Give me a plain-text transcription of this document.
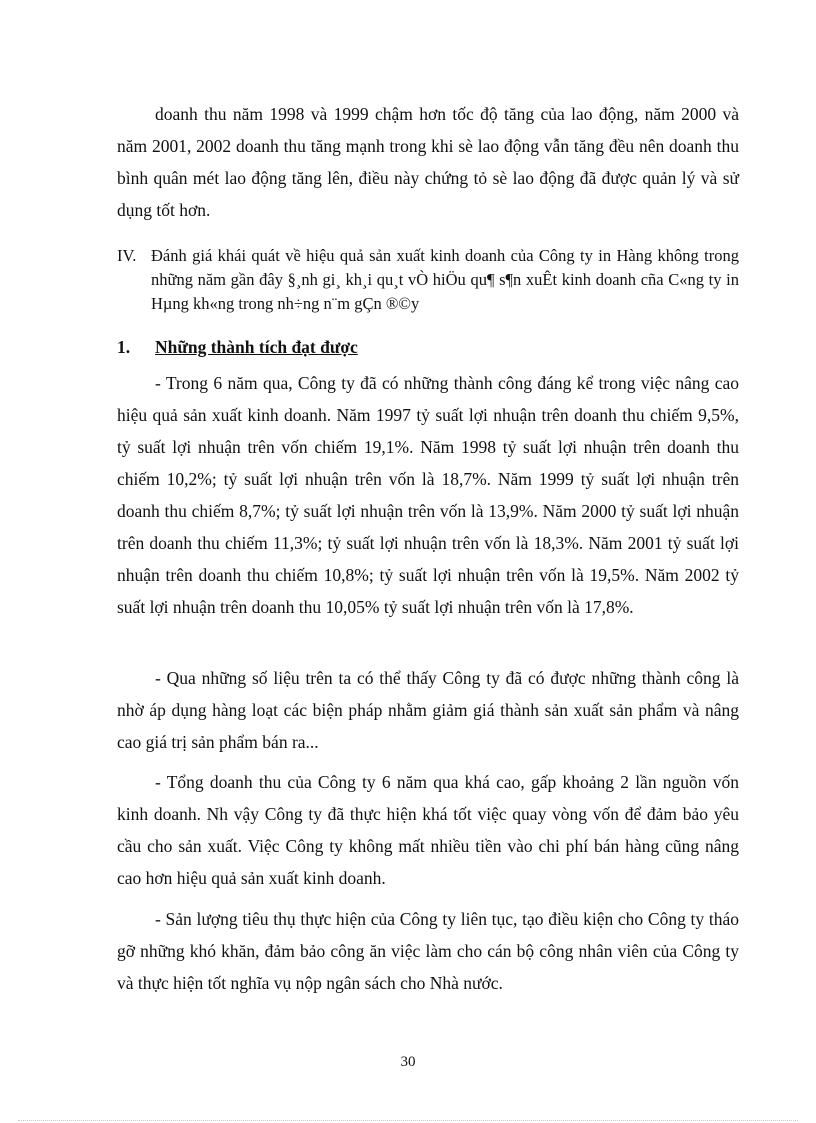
doanh thu năm 1998 và 1999 chậm hơn tốc độ tăng của lao động, năm 2000 và năm 2001, 2002 doanh thu tăng mạnh trong khi sè lao động vẫn tăng đều nên doanh thu bình quân mét lao động tăng lên, điều này chứng tỏ sè lao động đã được quản lý và sử dụng tốt hơn.

IV. Đánh giá khái quát về hiệu quả sản xuất kinh doanh của Công ty in Hàng không trong những năm gần đây §¸nh gi¸ kh¸i qu¸t vÒ hiÖu qu¶ s¶n xuÊt kinh doanh cña C«ng ty in Hµng kh«ng trong nh÷ng n¨m gÇn ®©y
1. Những thành tích đạt được

- Trong 6 năm qua, Công ty đã có những thành công đáng kể trong việc nâng cao hiệu quả sản xuất kinh doanh. Năm 1997 tỷ suất lợi nhuận trên doanh thu chiếm 9,5%, tỷ suất lợi nhuận trên vốn chiếm 19,1%. Năm 1998 tỷ suất lợi nhuận trên doanh thu chiếm 10,2%; tỷ suất lợi nhuận trên vốn là 18,7%. Năm 1999 tỷ suất lợi nhuận trên doanh thu chiếm 8,7%; tỷ suất lợi nhuận trên vốn là 13,9%. Năm 2000 tỷ suất lợi nhuận trên doanh thu chiếm 11,3%; tỷ suất lợi nhuận trên vốn là 18,3%. Năm 2001 tỷ suất lợi nhuận trên doanh thu chiếm 10,8%; tỷ suất lợi nhuận trên vốn là 19,5%. Năm 2002 tỷ suất lợi nhuận trên doanh thu 10,05% tỷ suất lợi nhuận trên vốn là 17,8%.

- Qua những số liệu trên ta có thể thấy Công ty đã có được những thành công là nhờ áp dụng hàng loạt các biện pháp nhằm giảm giá thành sản xuất sản phẩm và nâng cao giá trị sản phẩm bán ra...

- Tổng doanh thu của Công ty 6 năm qua khá cao, gấp khoảng 2 lần nguồn vốn kinh doanh. Nh vậy Công ty đã thực hiện khá tốt việc quay vòng vốn để đảm bảo yêu cầu cho sản xuất. Việc Công ty không mất nhiều tiền vào chi phí bán hàng cũng nâng cao hơn hiệu quả sản xuất kinh doanh.

- Sản lượng tiêu thụ thực hiện của Công ty liên tục, tạo điều kiện cho Công ty tháo gỡ những khó khăn, đảm bảo công ăn việc làm cho cán bộ công nhân viên của Công ty và thực hiện tốt nghĩa vụ nộp ngân sách cho Nhà nước.

30
